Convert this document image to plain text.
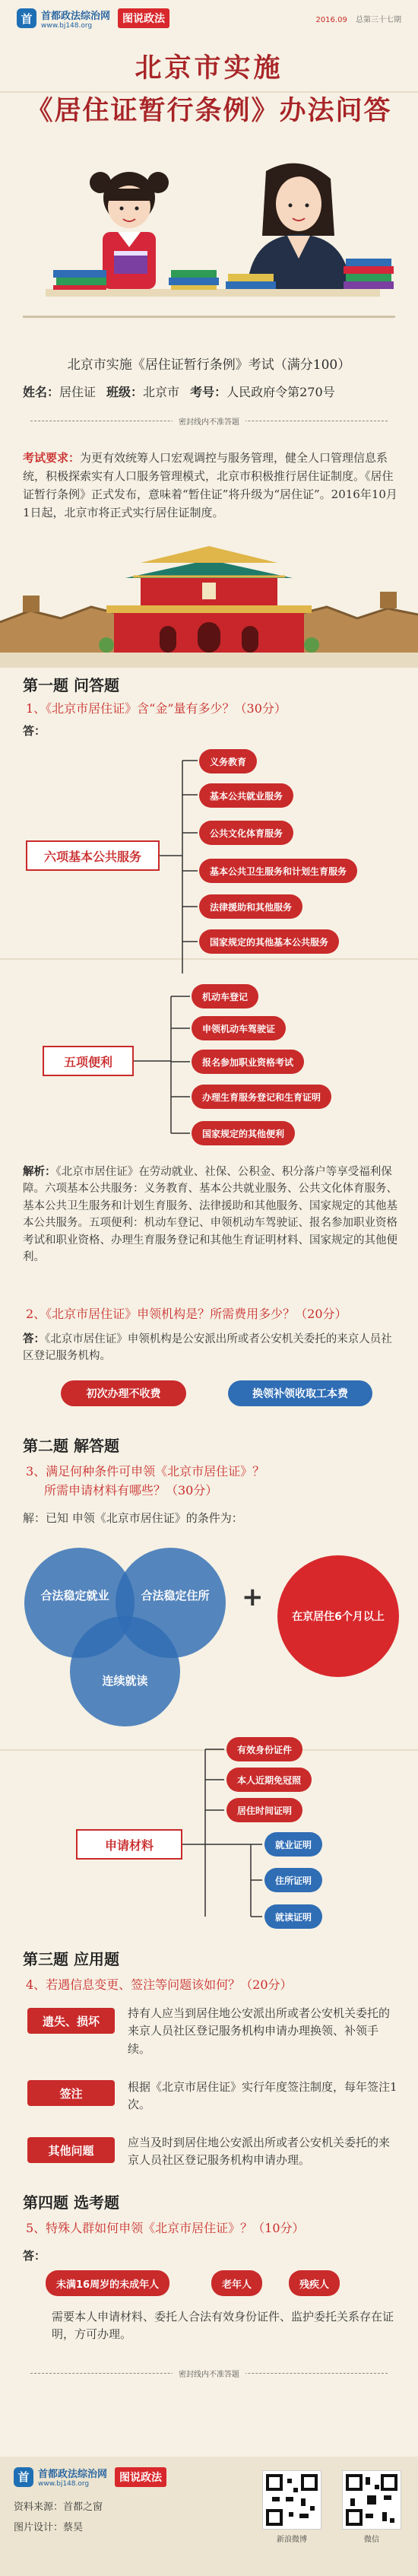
首 首都政法综治网
www.bj148.org
图说政法	2016.09 总第三十七期
北京市实施
《居住证暂行条例》办法问答
北京市实施《居住证暂行条例》考试（满分100）
姓名：居住证 班级：北京市 考号：人民政府令第270号
密封线内不准答题
考试要求：为更有效统筹人口宏观调控与服务管理，健全人口管理信息系统，积极探索实有人口服务管理模式，北京市积极推行居住证制度。《居住证暂行条例》正式发布，意味着“暂住证”将升级为“居住证”。2016年10月1日起，北京市将正式实行居住证制度。
第一题 问答题
1、《北京市居住证》含“金”量有多少？（30分）
答：
六项基本公共服务
义务教育
基本公共就业服务
公共文化体育服务
基本公共卫生服务和计划生育服务
法律援助和其他服务
国家规定的其他基本公共服务
五项便利
机动车登记
申领机动车驾驶证
报名参加职业资格考试
办理生育服务登记和生育证明
国家规定的其他便利
解析：《北京市居住证》在劳动就业、社保、公积金、积分落户等享受福利保障。六项基本公共服务：义务教育、基本公共就业服务、公共文化体育服务、基本公共卫生服务和计划生育服务、法律援助和其他服务、国家规定的其他基本公共服务。五项便利：机动车登记、申领机动车驾驶证、报名参加职业资格考试和职业资格、办理生育服务登记和其他生育证明材料、国家规定的其他便利。
2、《北京市居住证》申领机构是？所需费用多少？（20分）
答：《北京市居住证》申领机构是公安派出所或者公安机关委托的来京人员社区登记服务机构。
初次办理不收费	换领补领收取工本费
第二题 解答题
3、满足何种条件可申领《北京市居住证》？
所需申请材料有哪些？（30分）
解：已知 申领《北京市居住证》的条件为：
合法稳定就业	合法稳定住所
连续就读
+
在京居住6个月以上
申请材料
有效身份证件
本人近期免冠照
居住时间证明
就业证明
住所证明
就读证明
第三题 应用题
4、若遇信息变更、签注等问题该如何？（20分）
遗失、损坏
持有人应当到居住地公安派出所或者公安机关委托的来京人员社区登记服务机构申请办理换领、补领手续。
签注	根据《北京市居住证》实行年度签注制度，每年签注1次。
其他问题
应当及时到居住地公安派出所或者公安机关委托的来京人员社区登记服务机构申请办理。
第四题 选考题
5、特殊人群如何申领《北京市居住证》？（10分）
答：
未满16周岁的未成年人	老年人	残疾人
需要本人申请材料、委托人合法有效身份证件、监护委托关系存在证明，方可办理。
密封线内不准答题
首 首都政法综治网
www.bj148.org
图说政法
资料来源：首都之窗
图片设计：蔡昊
新浪微博	微信
